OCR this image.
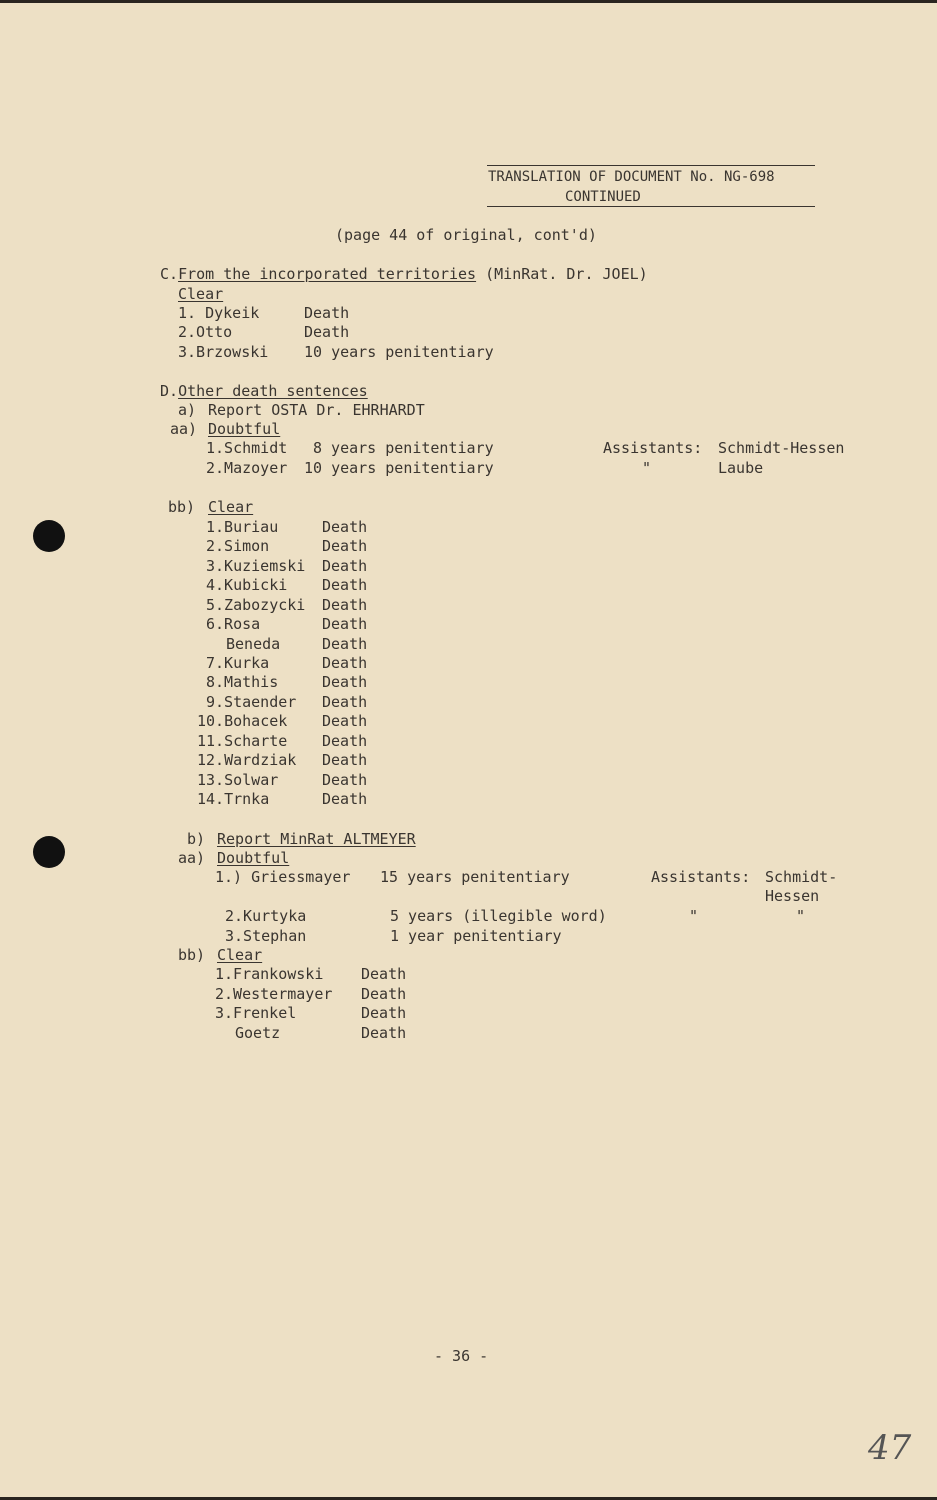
TRANSLATION OF DOCUMENT No. NG-698
CONTINUED
(page 44 of original, cont'd)
C.From the incorporated territories (MinRat. Dr. JOEL)
Clear
1. Dykeik	Death
2.Otto	Death
3.Brzowski 10 years penitentiary
D.Other death sentences
a) Report OSTA Dr. EHRHARDT
aa) Doubtful
1.Schmidt 8 years penitentiary	Assistants: Schmidt-Hessen
2.Mazoyer 10 years penitentiary	"	Laube
bb) Clear
1.Buriau	Death
2.Simon	Death
3.Kuziemski Death
4.Kubicki Death
5.Zabozycki Death
6.Rosa	Death
Beneda	Death
7.Kurka	Death
8.Mathis	Death
9.Staender Death
10.Bohacek Death
11.Scharte Death
12.Wardziak Death
13.Solwar	Death
14.Trnka	Death
b) Report MinRat ALTMEYER
aa) Doubtful
1.) Griessmayer 15 years penitentiary	Assistants: Schmidt-
Hessen
2.Kurtyka	5 years (illegible word)	"	"
3.Stephan	1 year penitentiary
bb) Clear
1.Frankowski	Death
2.Westermayer Death
3.Frenkel	Death
Goetz	Death
- 36 -
47
